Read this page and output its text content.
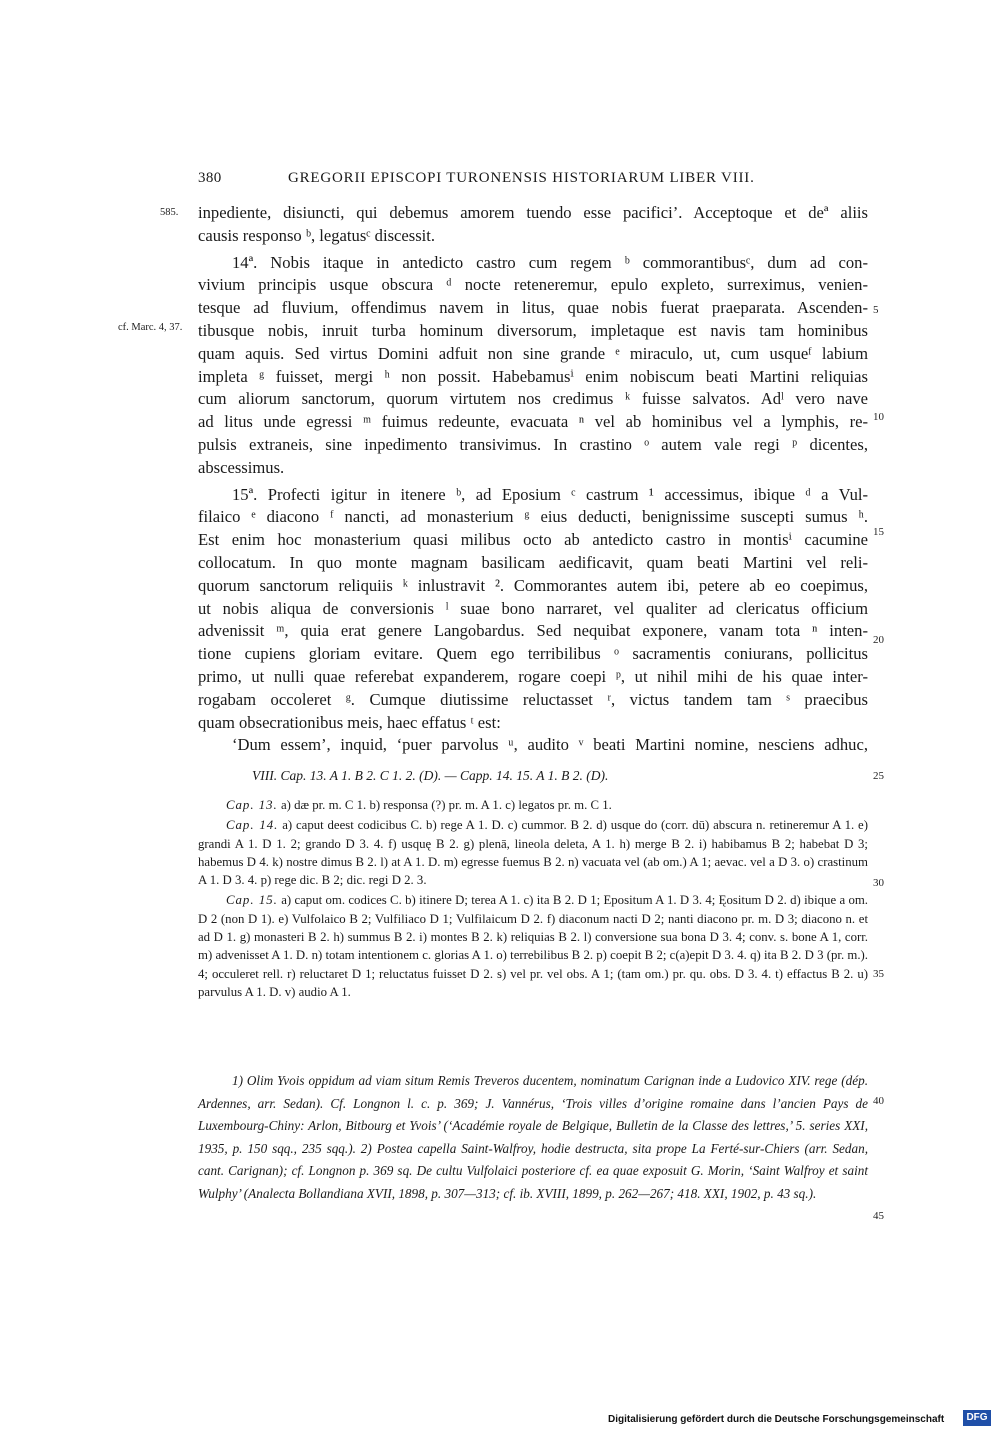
380	GREGORII EPISCOPI TURONENSIS HISTORIARUM LIBER VIII.
585.
cf. Marc. 4, 37.
5
10
15
20
25
30
35
40
45

inpediente, disiuncti, qui debemus amorem tuendo esse pacifici’. Acceptoque et deª aliis
causis responso ᵇ, legatusᶜ discessit.

14ª. Nobis itaque in antedicto castro cum regem ᵇ commorantibusᶜ, dum ad con-
vivium principis usque obscura ᵈ nocte reteneremur, epulo expleto, surreximus, venien-
tesque ad fluvium, offendimus navem in litus, quae nobis fuerat praeparata. Ascenden-
tibusque nobis, inruit turba hominum diversorum, impletaque est navis tam hominibus
quam aquis. Sed virtus Domini adfuit non sine grande ᵉ miraculo, ut, cum usqueᶠ labium
impleta ᵍ fuisset, mergi ʰ non possit. Habebamusⁱ enim nobiscum beati Martini reliquias
cum aliorum sanctorum, quorum virtutem nos credimus ᵏ fuisse salvatos. Adˡ vero nave
ad litus unde egressi ᵐ fuimus redeunte, evacuata ⁿ vel ab hominibus vel a lymphis, re-
pulsis extraneis, sine inpedimento transivimus. In crastino ᵒ autem vale regi ᵖ dicentes,
abscessimus.

15ª. Profecti igitur in itenere ᵇ, ad Eposium ᶜ castrum ¹ accessimus, ibique ᵈ a Vul-
filaico ᵉ diacono ᶠ nancti, ad monasterium ᵍ eius deducti, benignissime suscepti sumus ʰ.
Est enim hoc monasterium quasi milibus octo ab antedicto castro in montisⁱ cacumine
collocatum. In quo monte magnam basilicam aedificavit, quam beati Martini vel reli-
quorum sanctorum reliquiis ᵏ inlustravit ². Commorantes autem ibi, petere ab eo coepimus,
ut nobis aliqua de conversionis ˡ suae bono narraret, vel qualiter ad clericatus officium
advenissit ᵐ, quia erat genere Langobardus. Sed nequibat exponere, vanam tota ⁿ inten-
tione cupiens gloriam evitare. Quem ego terribilibus ᵒ sacramentis coniurans, pollicitus
primo, ut nulli quae referebat expanderem, rogare coepi ᵖ, ut nihil mihi de his quae inter-
rogabam occoleret ᵍ. Cumque diutissime reluctasset ʳ, victus tandem tam ˢ praecibus
quam obsecrationibus meis, haec effatus ᵗ est:

‘Dum essem’, inquid, ‘puer parvolus ᵘ, audito ᵛ beati Martini nomine, nesciens adhuc,

VIII. Cap. 13. A 1. B 2. C 1. 2. (D). — Capp. 14. 15. A 1. B 2. (D).

Cap. 13. a) dæ pr. m. C 1. b) responsa (?) pr. m. A 1. c) legatos pr. m. C 1.

Cap. 14. a) caput deest codicibus C. b) rege A 1. D. c) cummor. B 2. d) usque do (corr. dū) abscura n. retineremur A 1. e) grandi A 1. D 1. 2; grando D 3. 4. f) usquę B 2. g) plenā, lineola deleta, A 1. h) merge B 2. i) habibamus B 2; habebat D 3; habemus D 4. k) nostre dimus B 2. l) at A 1. D. m) egresse fuemus B 2. n) vacuata vel (ab om.) A 1; aevac. vel a D 3. o) crastinum A 1. D 3. 4. p) rege dic. B 2; dic. regi D 2. 3.

Cap. 15. a) caput om. codices C. b) itinere D; terea A 1. c) ita B 2. D 1; Epositum A 1. D 3. 4; Ęositum D 2. d) ibique a om. D 2 (non D 1). e) Vulfolaico B 2; Vulfiliaco D 1; Vulfilaicum D 2. f) diaconum nacti D 2; nanti diacono pr. m. D 3; diacono n. et ad D 1. g) monasteri B 2. h) summus B 2. i) montes B 2. k) reliquias B 2. l) conversione sua bona D 3. 4; conv. s. bone A 1, corr. m) advenisset A 1. D. n) totam intentionem c. glorias A 1. o) terrebilibus B 2. p) coepit B 2; c(a)epit D 3. 4. q) ita B 2. D 3 (pr. m.). 4; occuleret rell. r) reluctaret D 1; reluctatus fuisset D 2. s) vel pr. vel obs. A 1; (tam om.) pr. qu. obs. D 3. 4. t) effactus B 2. u) parvulus A 1. D. v) audio A 1.

1) Olim Yvois oppidum ad viam situm Remis Treveros ducentem, nominatum Carignan inde a Ludovico XIV. rege (dép. Ardennes, arr. Sedan). Cf. Longnon l. c. p. 369; J. Vannérus, ‘Trois villes d’origine romaine dans l’ancien Pays de Luxembourg-Chiny: Arlon, Bitbourg et Yvois’ (‘Académie royale de Belgique, Bulletin de la Classe des lettres,’ 5. series XXI, 1935, p. 150 sqq., 235 sqq.). 2) Postea capella Saint-Walfroy, hodie destructa, sita prope La Ferté-sur-Chiers (arr. Sedan, cant. Carignan); cf. Longnon p. 369 sq. De cultu Vulfolaici posteriore cf. ea quae exposuit G. Morin, ‘Saint Walfroy et saint Wulphy’ (Analecta Bollandiana XVII, 1898, p. 307—313; cf. ib. XVIII, 1899, p. 262—267; 418. XXI, 1902, p. 43 sq.).

Digitalisierung gefördert durch die Deutsche Forschungsgemeinschaft	DFG
